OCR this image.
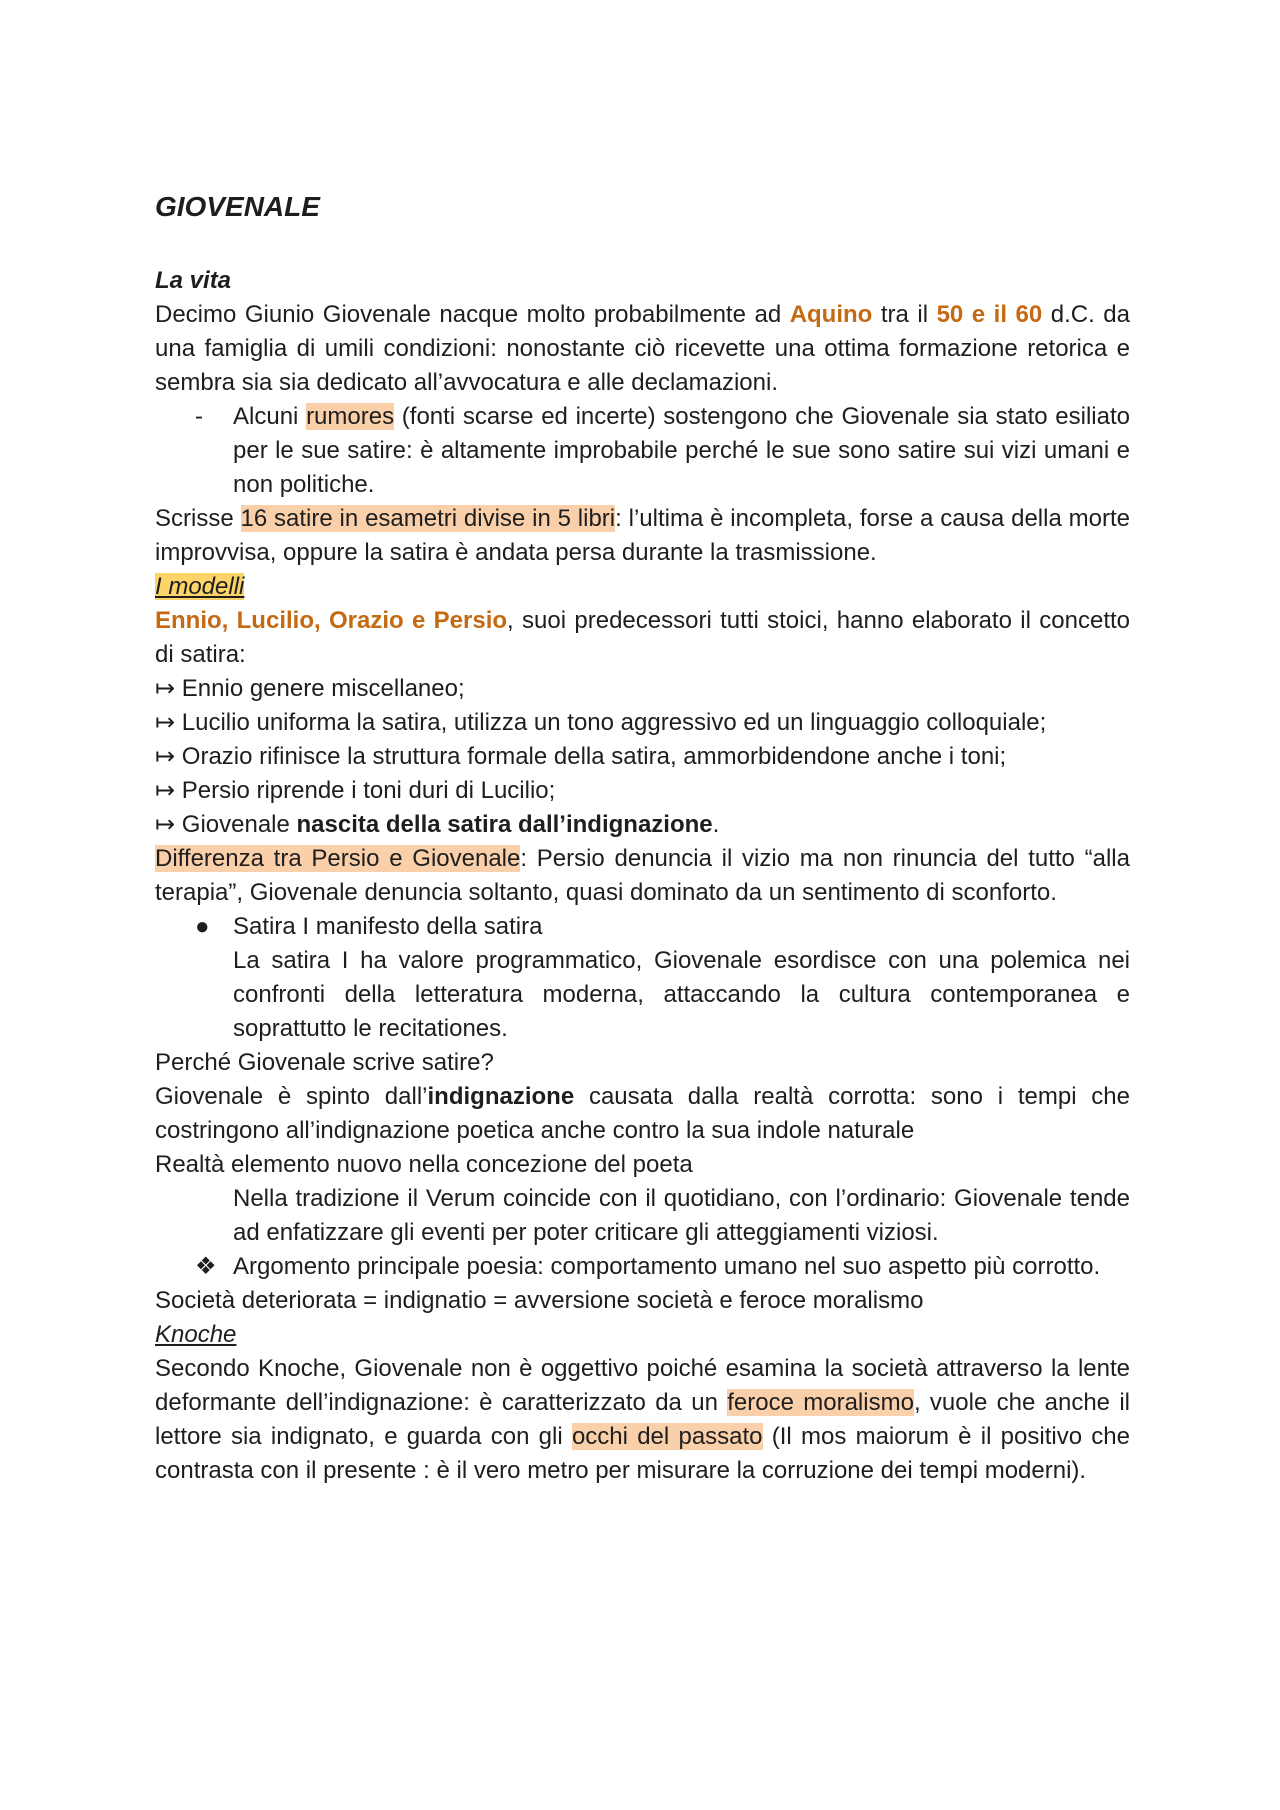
GIOVENALE

La vita

Decimo Giunio Giovenale nacque molto probabilmente ad Aquino tra il 50 e il 60 d.C. da una famiglia di umili condizioni: nonostante ciò ricevette una ottima formazione retorica e sembra sia sia dedicato all’avvocatura e alle declamazioni.

- Alcuni rumores (fonti scarse ed incerte) sostengono che Giovenale sia stato esiliato per le sue satire: è altamente improbabile perché le sue sono satire sui vizi umani e non politiche.

Scrisse 16 satire in esametri divise in 5 libri: l’ultima è incompleta, forse a causa della morte improvvisa, oppure la satira è andata persa durante la trasmissione.

I modelli

Ennio, Lucilio, Orazio e Persio, suoi predecessori tutti stoici, hanno elaborato il concetto di satira:

↦ Ennio genere miscellaneo;

↦ Lucilio uniforma la satira, utilizza un tono aggressivo ed un linguaggio colloquiale;

↦ Orazio rifinisce la struttura formale della satira, ammorbidendone anche i toni;

↦ Persio riprende i toni duri di Lucilio;

↦ Giovenale nascita della satira dall’indignazione.

Differenza tra Persio e Giovenale: Persio denuncia il vizio ma non rinuncia del tutto “alla terapia”, Giovenale denuncia soltanto, quasi dominato da un sentimento di sconforto.

● Satira I manifesto della satira

La satira I ha valore programmatico, Giovenale esordisce con una polemica nei confronti della letteratura moderna, attaccando la cultura contemporanea e soprattutto le recitationes.

Perché Giovenale scrive satire?

Giovenale è spinto dall’indignazione causata dalla realtà corrotta: sono i tempi che costringono all’indignazione poetica anche contro la sua indole naturale

Realtà elemento nuovo nella concezione del poeta

Nella tradizione il Verum coincide con il quotidiano, con l’ordinario: Giovenale tende ad enfatizzare gli eventi per poter criticare gli atteggiamenti viziosi.

❖ Argomento principale poesia: comportamento umano nel suo aspetto più corrotto.

Società deteriorata = indignatio = avversione società e feroce moralismo

Knoche

Secondo Knoche, Giovenale non è oggettivo poiché esamina la società attraverso la lente deformante dell’indignazione: è caratterizzato da un feroce moralismo, vuole che anche il lettore sia indignato, e guarda con gli occhi del passato (Il mos maiorum è il positivo che contrasta con il presente : è il vero metro per misurare la corruzione dei tempi moderni).
